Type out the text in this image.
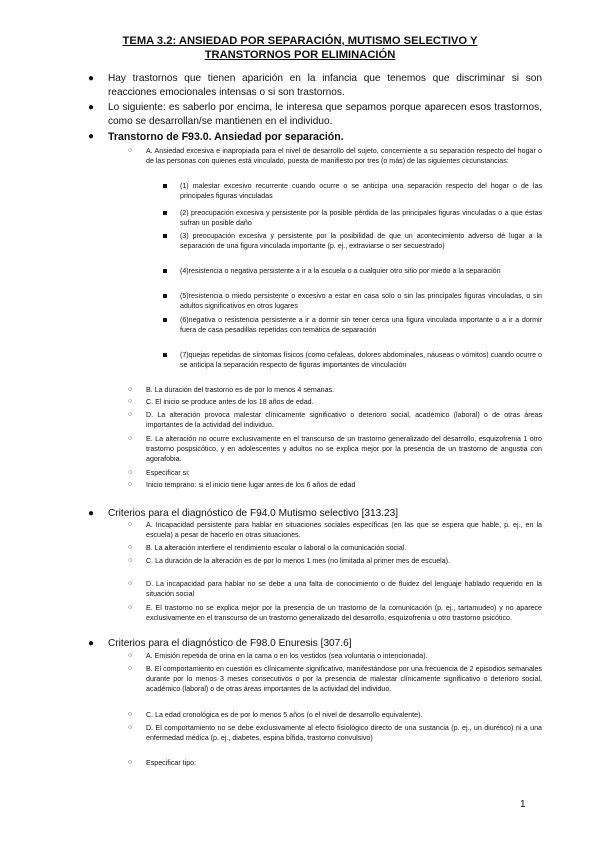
TEMA 3.2: ANSIEDAD POR SEPARACIÓN, MUTISMO SELECTIVO Y
TRANSTORNOS POR ELIMINACIÓN
● Hay trastornos que tienen aparición en la infancia que tenemos que discriminar si son reacciones emocionales intensas o si son trastornos.
● Lo siguiente: es saberlo por encima, le interesa que sepamos porque aparecen esos trastornos, como se desarrollan/se mantienen en el individuo.
● Transtorno de F93.0. Ansiedad por separación.
○ A. Ansiedad excesiva e inapropiada para el nivel de desarrollo del sujeto, concerniente a su separación respecto del hogar o de las personas con quienes está vinculado, puesta de manifiesto por tres (o más) de las siguientes circunstancias:
(1) malestar excesivo recurrente cuando ocurre o se anticipa una separación respecto del hogar o de las principales figuras vinculadas
(2) preocupación excesiva y persistente por la posible pérdida de las principales figuras vinculadas o a que éstas sufran un posible daño
(3) preocupación excesiva y persistente por la posibilidad de que un acontecimiento adverso dé lugar a la separación de una figura vinculada importante (p. ej., extraviarse o ser secuestrado)
(4)resistencia o negativa persistente a ir a la escuela o a cualquier otro sitio por miedo a la separación
(5)resistencia o miedo persistente o excesivo a estar en casa solo o sin las principales figuras vinculadas, o sin adultos significativos en otros lugares
(6)negativa o resistencia persistente a ir a dormir sin tener cerca una figura vinculada importante o a ir a dormir fuera de casa pesadillas repetidas con temática de separación
(7)quejas repetidas de síntomas físicos (como cefaleas, dolores abdominales, náuseas o vómitos) cuando ocurre o se anticipa la separación respecto de figuras importantes de vinculación
○ B. La duración del trastorno es de por lo menos 4 semanas.
○ C. El inicio se produce antes de los 18 años de edad.
○ D. La alteración provoca malestar clínicamente significativo o deterioro social, académico (laboral) o de otras áreas importantes de la actividad del individuo.
○ E. La alteración no ocurre exclusivamente en el transcurso de un trastorno generalizado del desarrollo, esquizofrenia 1 otro trastorno pospsicótico, y en adolescentes y adultos no se explica mejor por la presencia de un trastorno de angustia con agorafobia.
○ Especificar si:
○ Inicio temprano: si el inicio tiene lugar antes de los 6 años de edad
● Criterios para el diagnóstico de F94.0 Mutismo selectivo [313.23]
○ A. Incapacidad persistente para hablar en situaciones sociales específicas (en las que se espera que hable, p. ej., en la escuela) a pesar de hacerlo en otras situaciones.
○ B. La alteración interfiere el rendimiento escolar o laboral o la comunicación social.
○ C. La duración de la alteración es de por lo menos 1 mes (no limitada al primer mes de escuela).
○ D. La incapacidad para hablar no se debe a una falta de conocimiento o de fluidez del lenguaje hablado requerido en la situación social
○ E. El trastorno no se explica mejor por la presencia de un trastorno de la comunicación (p. ej., tartamudeo) y no aparece exclusivamente en el transcurso de un trastorno generalizado del desarrollo, esquizofrenia u otro trastorno psicótico.
● Criterios para el diagnóstico de F98.0 Enuresis [307.6]
○ A. Emisión repetida de orina en la cama o en los vestidos (sea voluntaria o intencionada).
○ B. El comportamiento en cuestión es clínicamente significativo, manifestándose por una frecuencia de 2 episodios semanales durante por lo menos 3 meses consecutivos o por la presencia de malestar clínicamente significativo o deterioro social, académico (laboral) o de otras áreas importantes de la actividad del individuo.
○ C. La edad cronológica es de por lo menos 5 años (o el nivel de desarrollo equivalente).
○ D. El comportamiento no se debe exclusivamente al efecto fisiológico directo de una sustancia (p. ej., un diurético) ni a una enfermedad médica (p. ej., diabetes, espina bífida, trastorno convulsivo)
○ Especificar tipo:
1
